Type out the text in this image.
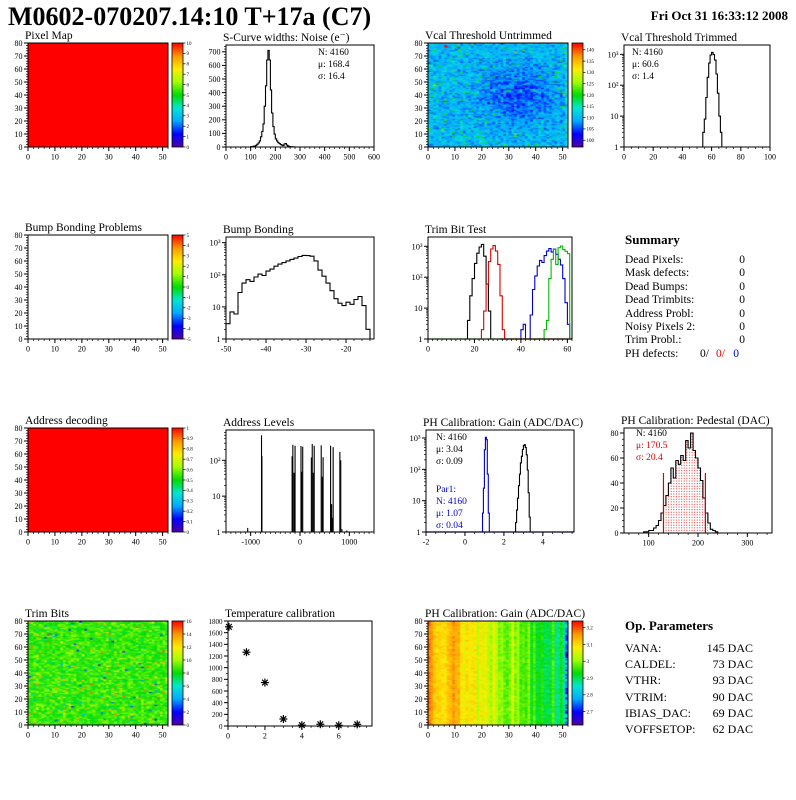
M0602-070207.14:10 T+17a (C7)	Fri Oct 31 16:33:12 2008
Pixel Map
0	10 20 30 40 50
0
10
20
30
40
50
60
70
80
0
1
2
3
4
5
6
7
8
9
10
S-Curve widths: Noise (e⁻)
0 100 200 300 400 500 600
0
100
200
300
400
500
600
700	N: 4160
μ: 168.4
σ: 16.4
Vcal Threshold Untrimmed
0	10 20 30 40 50
0
10
20
30
40
50
60
70
80
100
105
110
115
120
125
130
135
140
Vcal Threshold Trimmed
0	20	40	60	80 100
1
10
10²
10³ N: 4160
μ: 60.6
σ: 1.4
Bump Bonding Problems
0	10 20 30 40 50
0
10
20
30
40
50
60
70
80
-5
-4
-3
-2
-1
0
1
2
3
4
5
Bump Bonding
-50	-40	-30	-20
1
10
10²
10³
Trim Bit Test
0	20	40	60
1
10
10²
10³	Summary
Dead Pixels:	0
Mask defects:	0
Dead Bumps:	0
Dead Trimbits:	0
Address Probl:	0
Noisy Pixels 2:	0
Trim Probl.:	0
PH defects: 0/ 0/ 0
Address decoding
0	10 20 30 40 50
0
10
20
30
40
50
60
70
80
0
0.1
0.2
0.3
0.4
0.5
0.6
0.7
0.8
0.9
1
Address Levels
-1000	0	1000
1
10
10²
PH Calibration: Gain (ADC/DAC)
-2	0	2	4
1
10
10²
10³ N: 4160
μ: 3.04
σ: 0.09
Par1:
N: 4160
μ: 1.07
σ: 0.04
PH Calibration: Pedestal (DAC)
100	200	300
0
20
40
60
80 N: 4160
μ: 170.5
σ: 20.4
Trim Bits
0	10 20 30 40 50
0
10
20
30
40
50
60
70
80
0
2
4
6
8
10
12
14
16
Temperature calibration
0	2	4	6
0
200
400
600
800
1000
1200
1400
1600
1800
PH Calibration: Gain (ADC/DAC)
0	10 20 30 40 50
0
10
20
30
40
50
60
70
80
2.7
2.8
2.9
3
3.1
3.2 Op. Parameters
VANA:	145 DAC
CALDEL:	73 DAC
VTHR:	93 DAC
VTRIM:	90 DAC
IBIAS_DAC: 69 DAC
VOFFSETOP: 62 DAC
